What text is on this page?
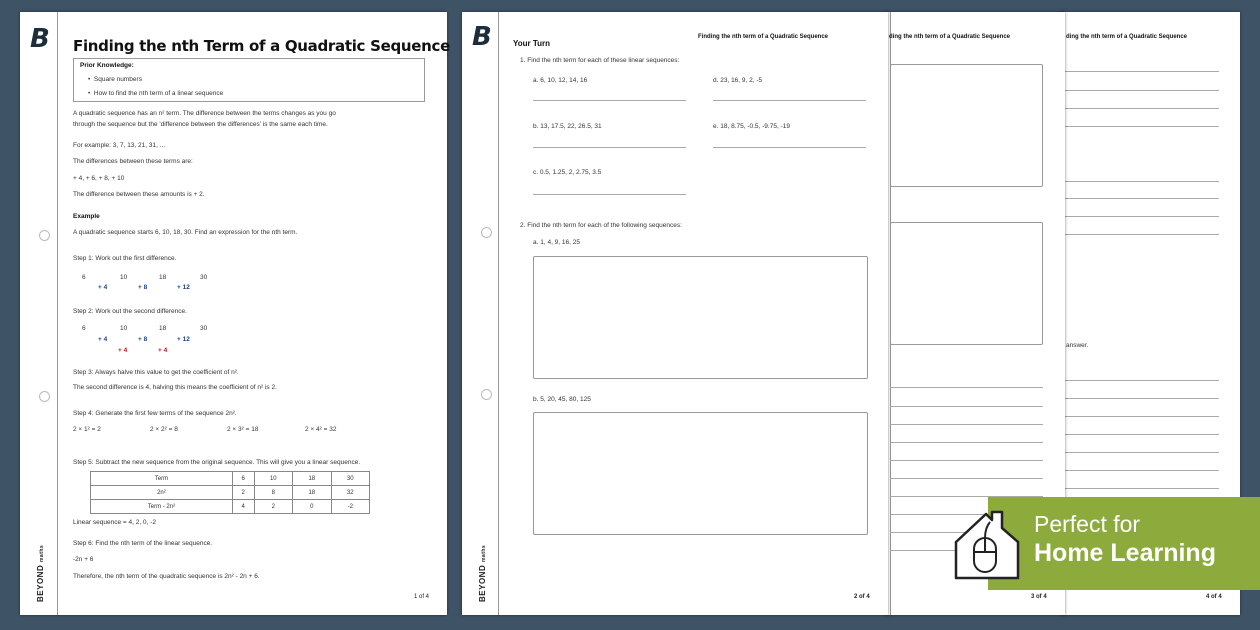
ding the nth term of a Quadratic Sequence
answer.
4 of 4
ding the nth term of a Quadratic Sequence
3 of 4
B
BEYOND maths
Your Turn
Finding the nth term of a Quadratic Sequence
1. Find the nth term for each of these linear sequences:
a. 6, 10, 12, 14, 16	d. 23, 16, 9, 2, -5
b. 13, 17.5, 22, 26.5, 31	e. 18, 8.75, -0.5, -9.75, -19
c. 0.5, 1.25, 2, 2.75, 3.5
2. Find the nth term for each of the following sequences:
a. 1, 4, 9, 16, 25
b. 5, 20, 45, 80, 125
2 of 4
B
BEYOND maths
Finding the nth Term of a Quadratic Sequence
Prior Knowledge:
•  Square numbers
•  How to find the nth term of a linear sequence
A quadratic sequence has an n² term. The difference between the terms changes as you go
through the sequence but the 'difference between the differences' is the same each time.
For example: 3, 7, 13, 21, 31, ...
The differences between these terms are:
+ 4, + 6, + 8, + 10
The difference between these amounts is + 2.
Example
A quadratic sequence starts 6, 10, 18, 30. Find an expression for the nth term.
Step 1: Work out the first difference.
6	10	18	30
+ 4	+ 8	+ 12
Step 2: Work out the second difference.
6	10	18	30
+ 4	+ 8	+ 12
+ 4	+ 4
Step 3: Always halve this value to get the coefficient of n².
The second difference is 4, halving this means the coefficient of n² is 2.
Step 4: Generate the first few terms of the sequence 2n².
2 × 1² = 2	2 × 2² = 8	2 × 3² = 18	2 × 4² = 32
Step 5: Subtract the new sequence from the original sequence. This will give you a linear sequence.
Linear sequence = 4, 2, 0, -2
Step 6: Find the nth term of the linear sequence.
-2n + 6
Therefore, the nth term of the quadratic sequence is 2n² - 2n + 6.
1 of 4
Term	6	10	18	30
2n²	2	8	18	32
Term - 2n²	4	2	0	-2
Perfect for
Home Learning
